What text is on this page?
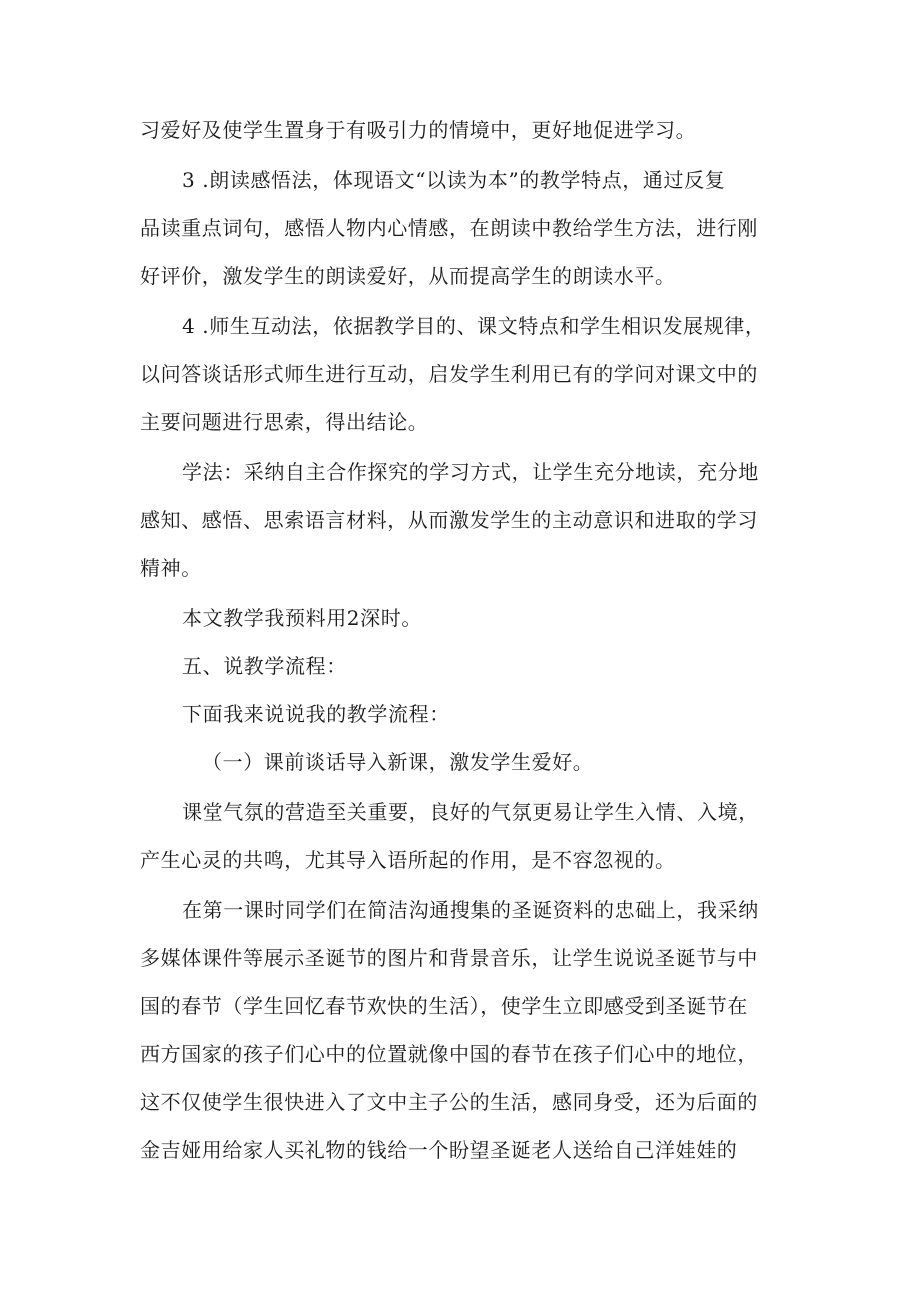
习爱好及使学生置身于有吸引力的情境中，更好地促进学习。
3 .朗读感悟法，体现语文“以读为本”的教学特点，通过反复
品读重点词句，感悟人物内心情感，在朗读中教给学生方法，进行刚
好评价，激发学生的朗读爱好，从而提高学生的朗读水平。
4 .师生互动法，依据教学目的、课文特点和学生相识发展规律，
以问答谈话形式师生进行互动，启发学生利用已有的学问对课文中的
主要问题进行思索，得出结论。
学法：采纳自主合作探究的学习方式，让学生充分地读，充分地
感知、感悟、思索语言材料，从而激发学生的主动意识和进取的学习
精神。
本文教学我预料用2深时。
五、说教学流程：
下面我来说说我的教学流程：
（一）课前谈话导入新课，激发学生爱好。
课堂气氛的营造至关重要，良好的气氛更易让学生入情、入境，
产生心灵的共鸣，尤其导入语所起的作用，是不容忽视的。
在第一课时同学们在简洁沟通搜集的圣诞资料的忠础上，我采纳
多媒体课件等展示圣诞节的图片和背景音乐，让学生说说圣诞节与中
国的春节（学生回忆春节欢快的生活），使学生立即感受到圣诞节在
西方国家的孩子们心中的位置就像中国的春节在孩子们心中的地位，
这不仅使学生很快进入了文中主子公的生活，感同身受，还为后面的
金吉娅用给家人买礼物的钱给一个盼望圣诞老人送给自己洋娃娃的
